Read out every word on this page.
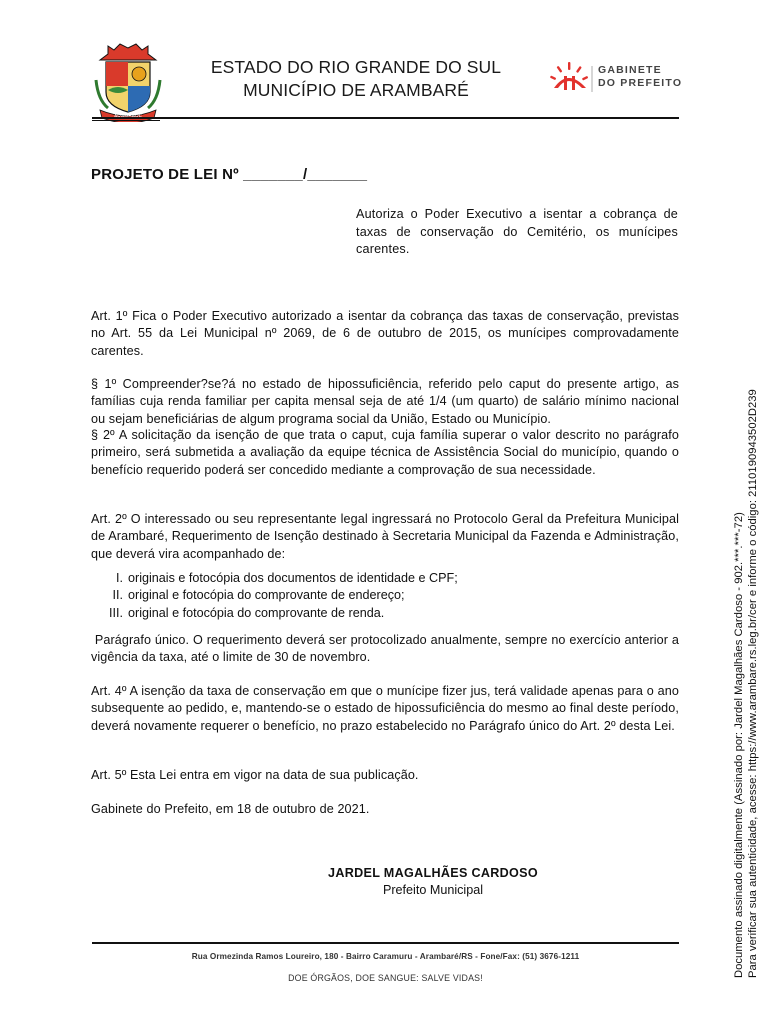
ESTADO DO RIO GRANDE DO SUL
MUNICÍPIO DE ARAMBARÉ
GABINETE
DO PREFEITO
PROJETO DE LEI Nº _______/_______
Autoriza o Poder Executivo a isentar a cobrança de taxas de conservação do Cemitério, os munícipes carentes.
Art. 1º Fica o Poder Executivo autorizado a isentar da cobrança das taxas de conservação, previstas no Art. 55 da Lei Municipal nº 2069, de 6 de outubro de 2015, os munícipes comprovadamente carentes.
§ 1º Compreender?se?á no estado de hipossuficiência, referido pelo caput do presente artigo, as famílias cuja renda familiar per capita mensal seja de até 1/4 (um quarto) de salário mínimo nacional ou sejam beneficiárias de algum programa social da União, Estado ou Município.
§ 2º A solicitação da isenção de que trata o caput, cuja família superar o valor descrito no parágrafo primeiro, será submetida a avaliação da equipe técnica de Assistência Social do município, quando o benefício requerido poderá ser concedido mediante a comprovação de sua necessidade.
Art. 2º O interessado ou seu representante legal ingressará no Protocolo Geral da Prefeitura Municipal de Arambaré, Requerimento de Isenção destinado à Secretaria Municipal da Fazenda e Administração, que deverá vira acompanhado de:
I. originais e fotocópia dos documentos de identidade e CPF;
II. original e fotocópia do comprovante de endereço;
III. original e fotocópia do comprovante de renda.
Parágrafo único. O requerimento deverá ser protocolizado anualmente, sempre no exercício anterior a vigência da taxa, até o limite de 30 de novembro.
Art. 4º A isenção da taxa de conservação em que o munícipe fizer jus, terá validade apenas para o ano subsequente ao pedido, e, mantendo-se o estado de hipossuficiência do mesmo ao final deste período, deverá novamente requerer o benefício, no prazo estabelecido no Parágrafo único do Art. 2º desta Lei.
Art. 5º Esta Lei entra em vigor na data de sua publicação.
Gabinete do Prefeito, em 18 de outubro de 2021.
JARDEL MAGALHÃES CARDOSO
Prefeito Municipal
Rua Ormezinda Ramos Loureiro, 180 - Bairro Caramuru - Arambaré/RS - Fone/Fax: (51) 3676-1211
DOE ÓRGÃOS, DOE SANGUE: SALVE VIDAS!	Documento assinado digitalmente (Assinado por: Jardel Magalhães Cardoso - 902.***.***-72) Para verificar sua autenticidade, acesse: https://www.arambare.rs.leg.br/cer e informe o código: 21101909435​02D239
